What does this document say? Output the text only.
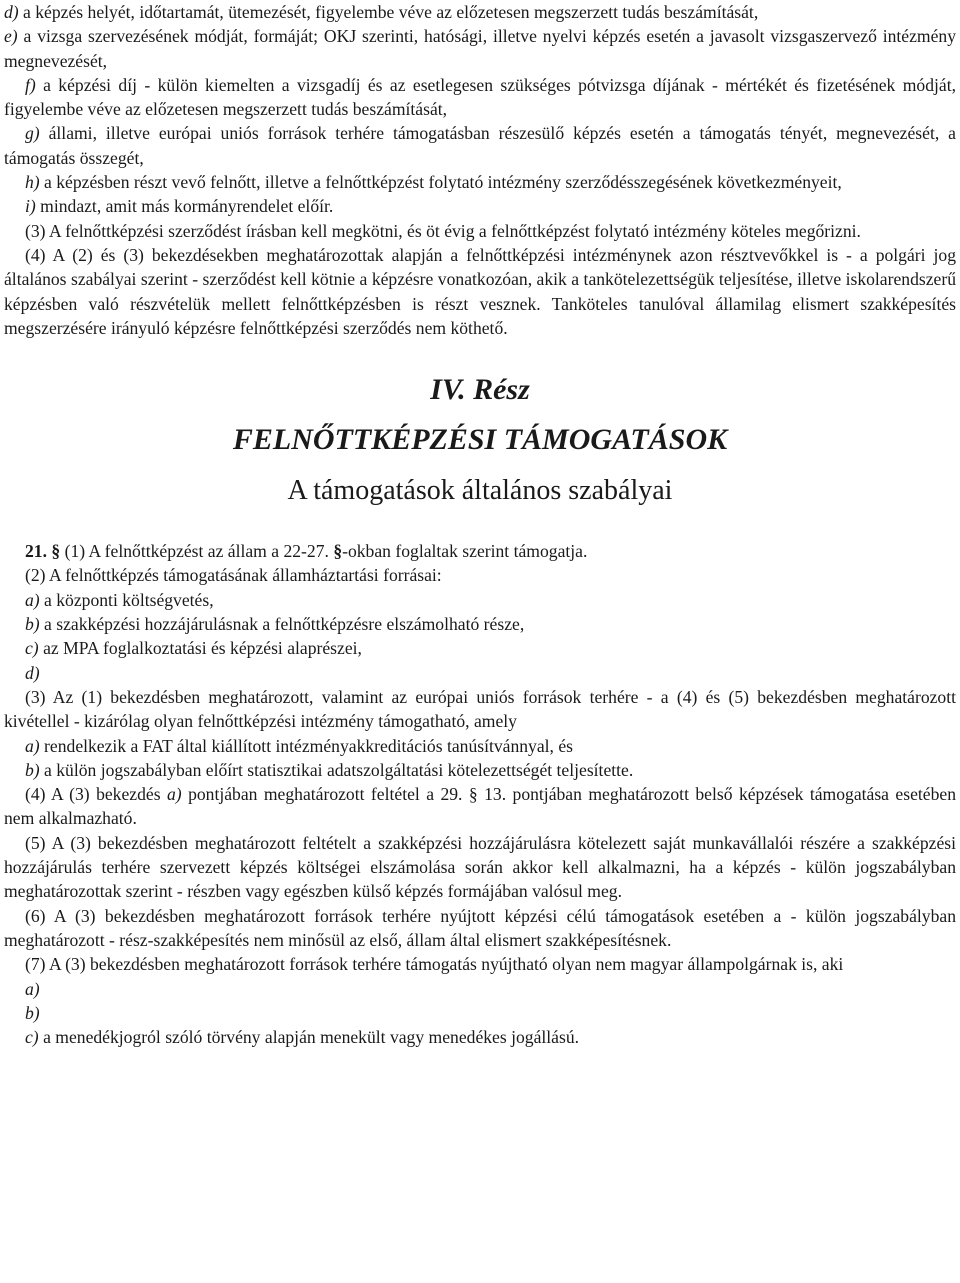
d) a képzés helyét, időtartamát, ütemezését, figyelembe véve az előzetesen megszerzett tudás beszámítását,

e) a vizsga szervezésének módját, formáját; OKJ szerinti, hatósági, illetve nyelvi képzés esetén a javasolt vizsgaszervező intézmény megnevezését,

f) a képzési díj - külön kiemelten a vizsgadíj és az esetlegesen szükséges pótvizsga díjának - mértékét és fizetésének módját, figyelembe véve az előzetesen megszerzett tudás beszámítását,

g) állami, illetve európai uniós források terhére támogatásban részesülő képzés esetén a támogatás tényét, megnevezését, a támogatás összegét,

h) a képzésben részt vevő felnőtt, illetve a felnőttképzést folytató intézmény szerződésszegésének következményeit,

i) mindazt, amit más kormányrendelet előír.

(3) A felnőttképzési szerződést írásban kell megkötni, és öt évig a felnőttképzést folytató intézmény köteles megőrizni.

(4) A (2) és (3) bekezdésekben meghatározottak alapján a felnőttképzési intézménynek azon résztvevőkkel is - a polgári jog általános szabályai szerint - szerződést kell kötnie a képzésre vonatkozóan, akik a tankötelezettségük teljesítése, illetve iskolarendszerű képzésben való részvételük mellett felnőttképzésben is részt vesznek. Tanköteles tanulóval államilag elismert szakképesítés megszerzésére irányuló képzésre felnőttképzési szerződés nem köthető.

IV. Rész
FELNŐTTKÉPZÉSI TÁMOGATÁSOK
A támogatások általános szabályai

21. § (1) A felnőttképzést az állam a 22-27. §-okban foglaltak szerint támogatja.

(2) A felnőttképzés támogatásának államháztartási forrásai:

a) a központi költségvetés,

b) a szakképzési hozzájárulásnak a felnőttképzésre elszámolható része,

c) az MPA foglalkoztatási és képzési alaprészei,

d)

(3) Az (1) bekezdésben meghatározott, valamint az európai uniós források terhére - a (4) és (5) bekezdésben meghatározott kivétellel - kizárólag olyan felnőttképzési intézmény támogatható, amely

a) rendelkezik a FAT által kiállított intézményakkreditációs tanúsítvánnyal, és

b) a külön jogszabályban előírt statisztikai adatszolgáltatási kötelezettségét teljesítette.

(4) A (3) bekezdés a) pontjában meghatározott feltétel a 29. § 13. pontjában meghatározott belső képzések támogatása esetében nem alkalmazható.

(5) A (3) bekezdésben meghatározott feltételt a szakképzési hozzájárulásra kötelezett saját munkavállalói részére a szakképzési hozzájárulás terhére szervezett képzés költségei elszámolása során akkor kell alkalmazni, ha a képzés - külön jogszabályban meghatározottak szerint - részben vagy egészben külső képzés formájában valósul meg.

(6) A (3) bekezdésben meghatározott források terhére nyújtott képzési célú támogatások esetében a - külön jogszabályban meghatározott - rész-szakképesítés nem minősül az első, állam által elismert szakképesítésnek.

(7) A (3) bekezdésben meghatározott források terhére támogatás nyújtható olyan nem magyar állampolgárnak is, aki

a)

b)

c) a menedékjogról szóló törvény alapján menekült vagy menedékes jogállású.
